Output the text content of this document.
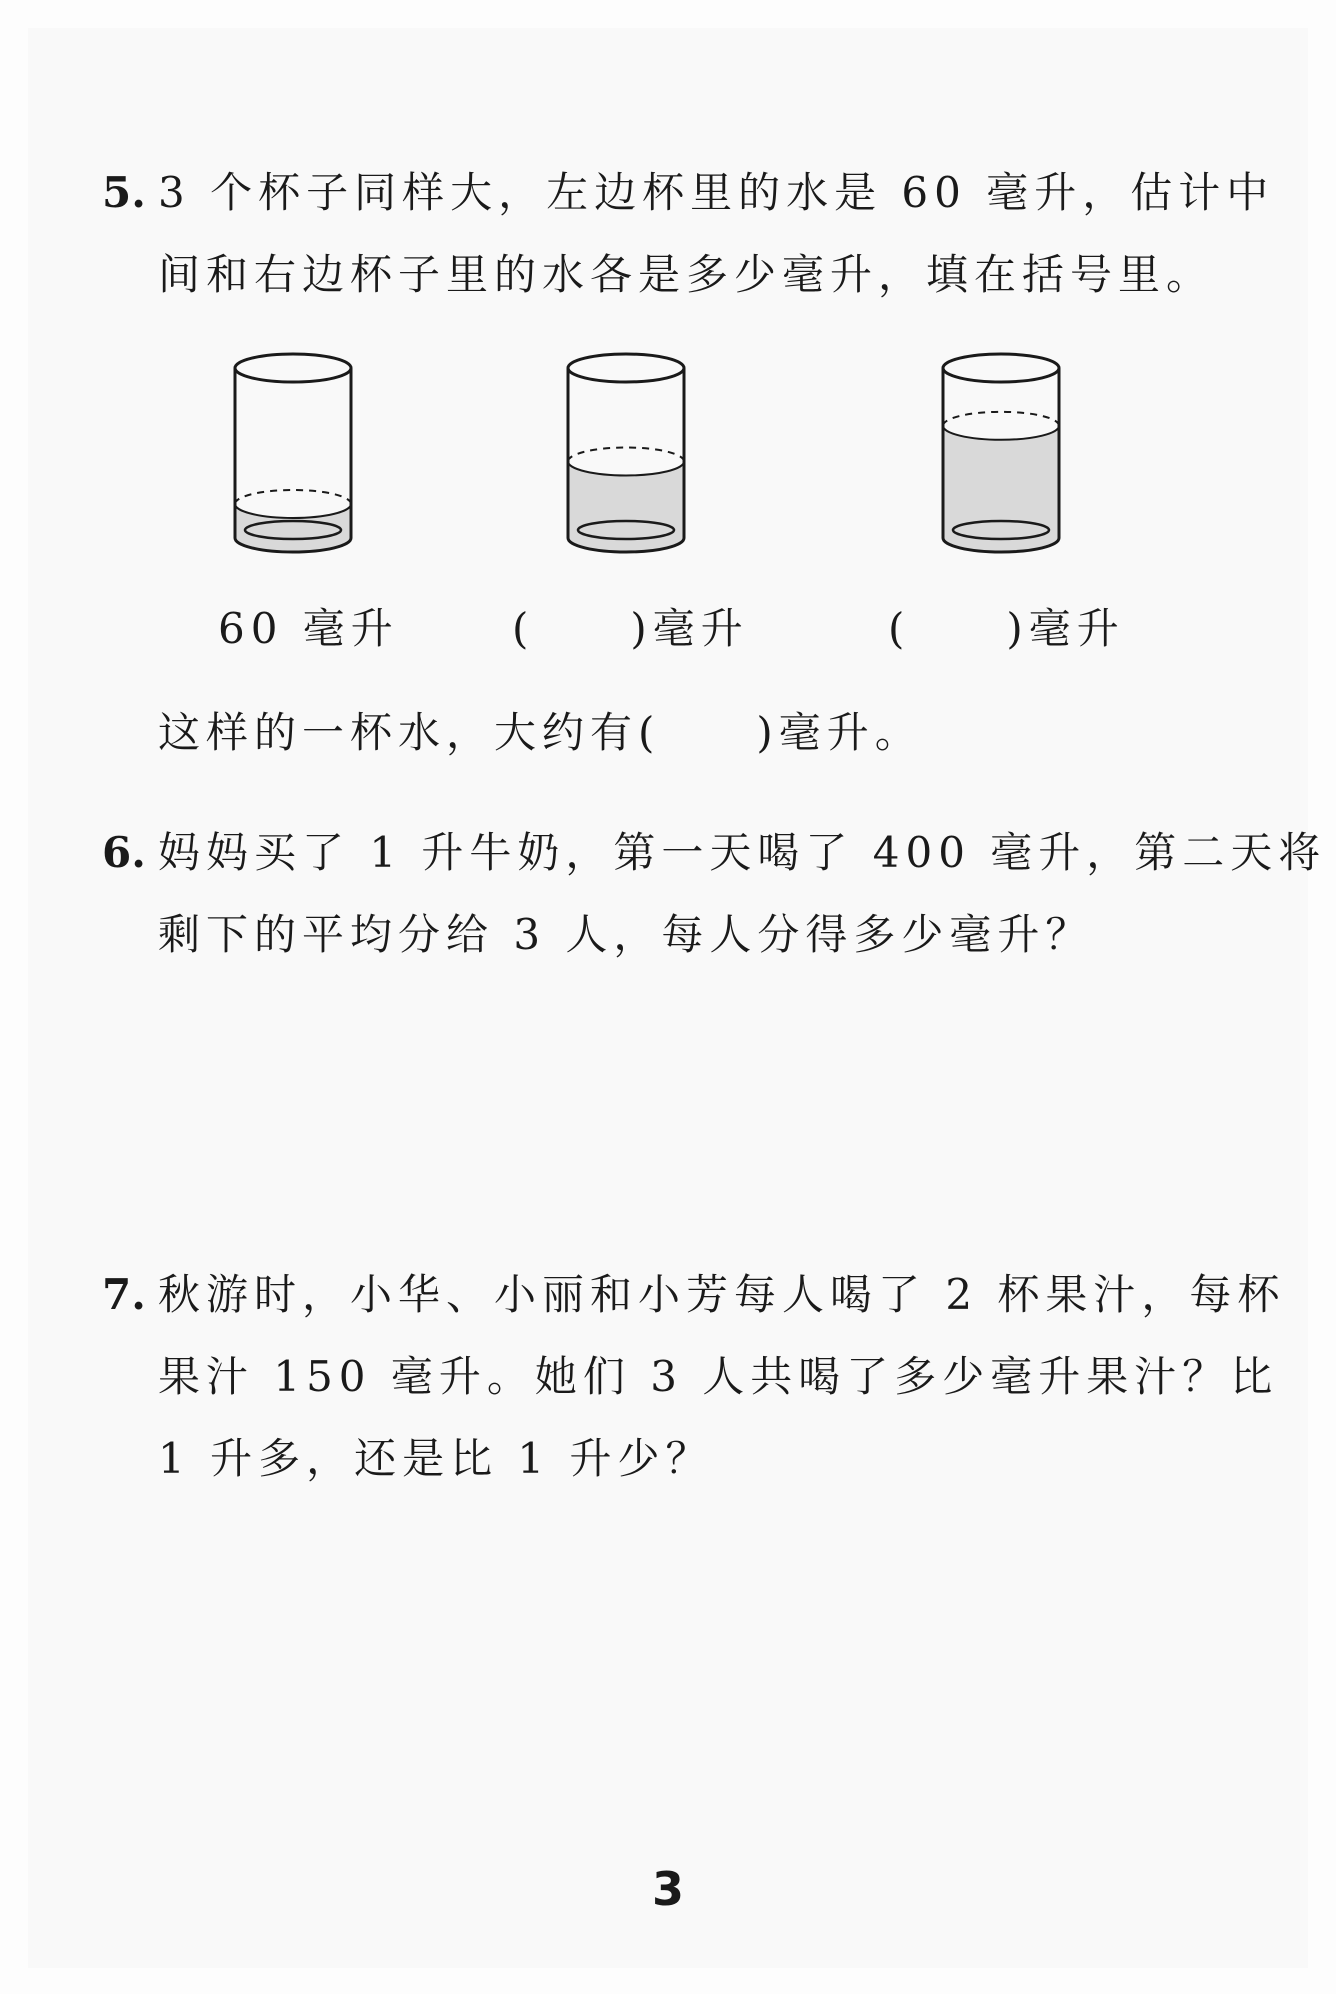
5. 3 个杯子同样大，左边杯里的水是 60 毫升，估计中
间和右边杯子里的水各是多少毫升，填在括号里。
60 毫升	(　　)毫升	(　　)毫升
这样的一杯水，大约有(　　)毫升。
6. 妈妈买了 1 升牛奶，第一天喝了 400 毫升，第二天将
剩下的平均分给 3 人，每人分得多少毫升？
7. 秋游时，小华、小丽和小芳每人喝了 2 杯果汁，每杯
果汁 150 毫升。她们 3 人共喝了多少毫升果汁？比
1 升多，还是比 1 升少？
3
